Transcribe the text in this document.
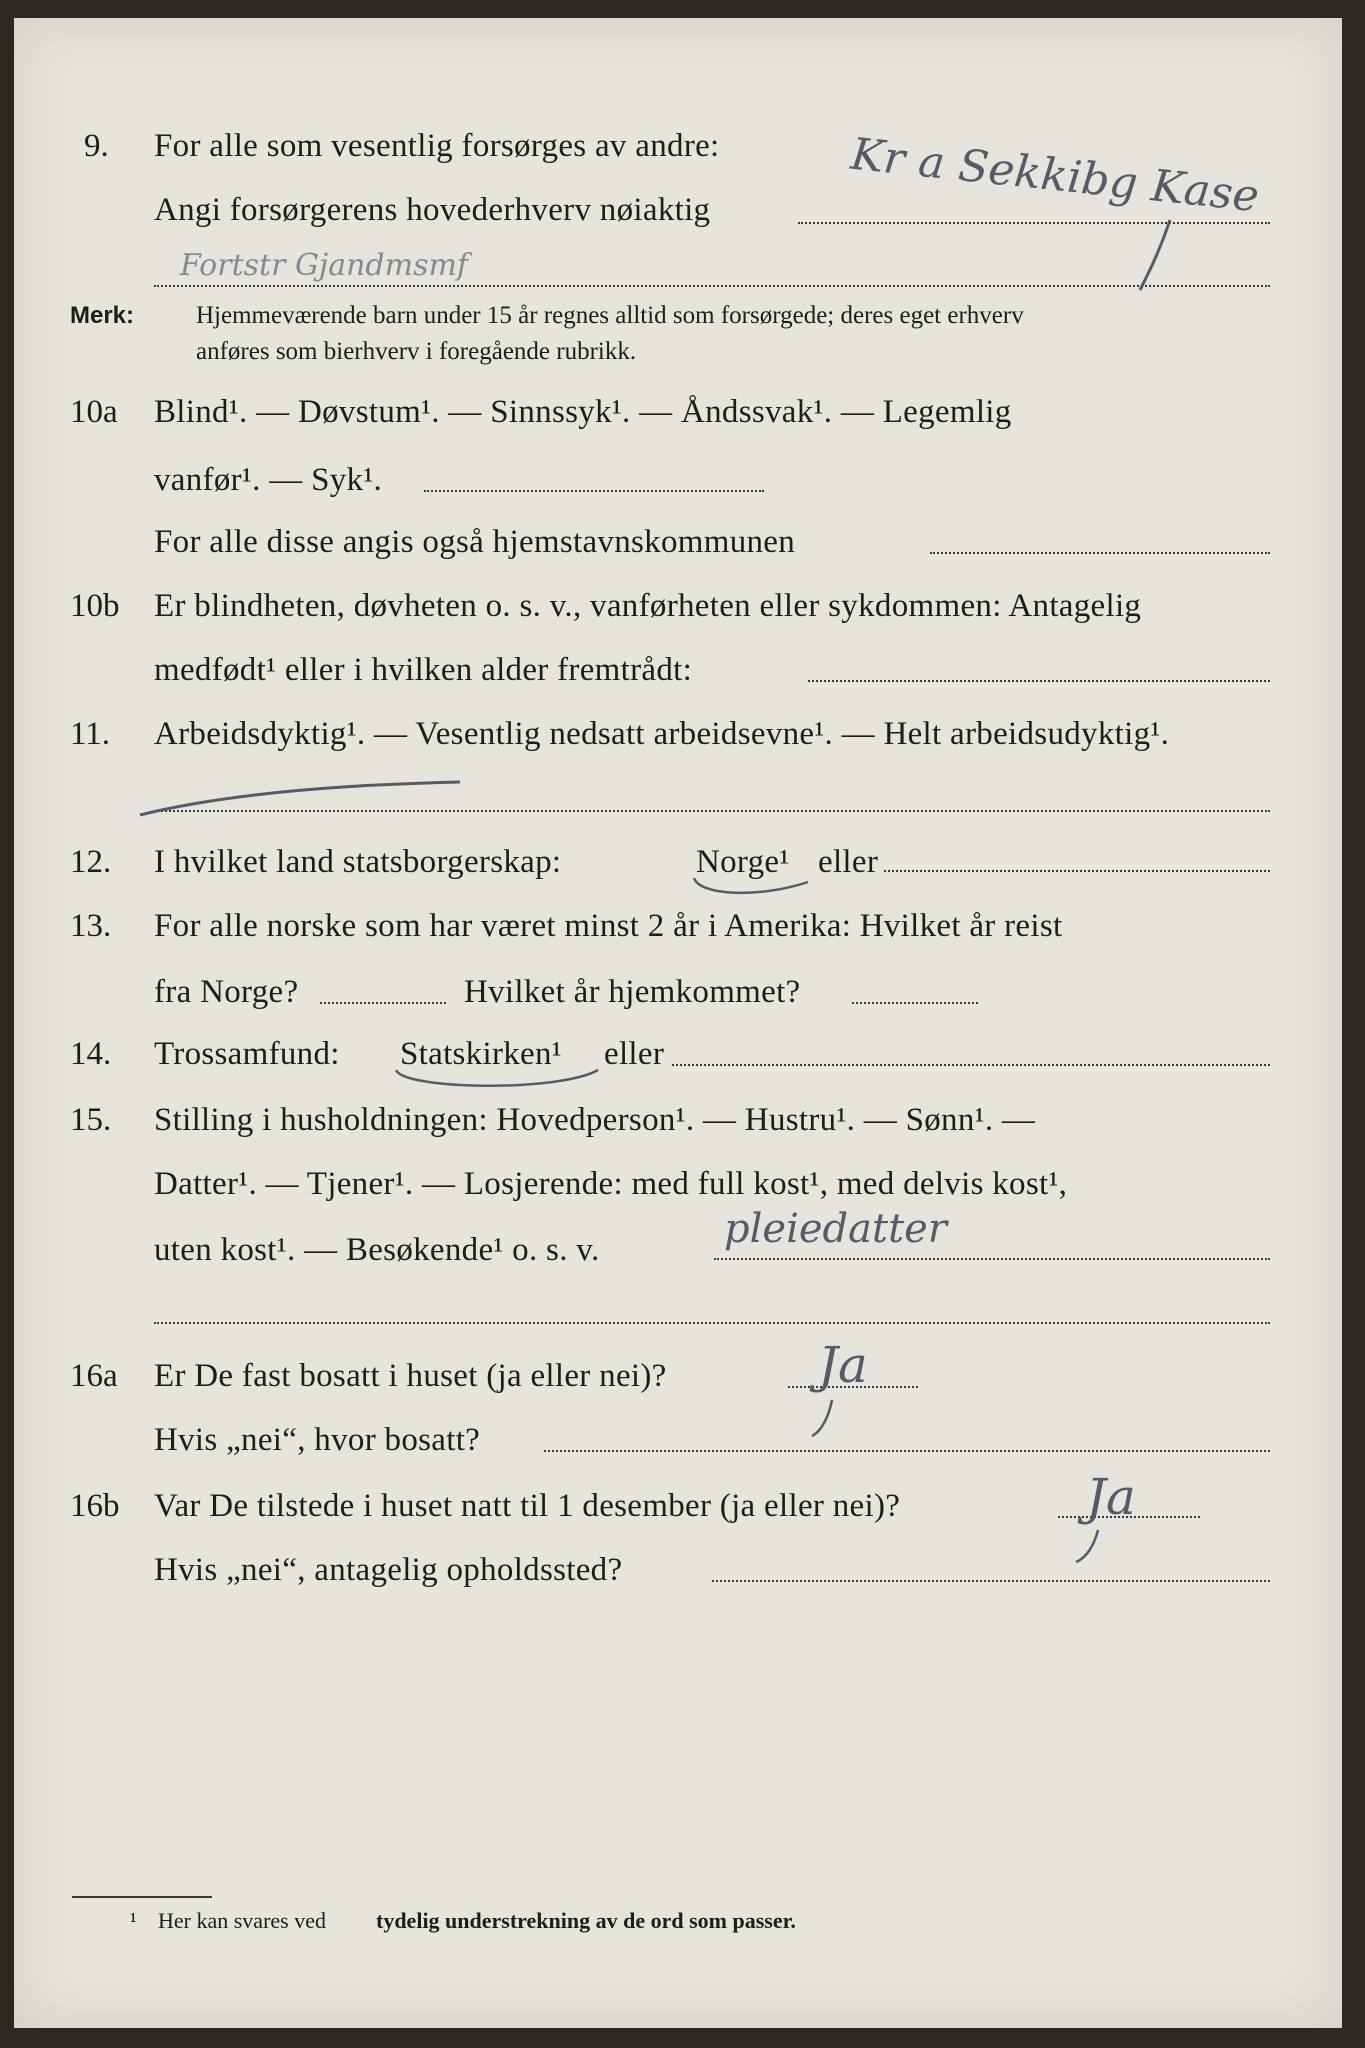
9. For alle som vesentlig forsørges av andre:
Angi forsørgerens hovederhverv nøiaktig	Kr a Sekkibg Kase
Fortstr Gjandmsmf
Merk: Hjemmeværende barn under 15 år regnes alltid som forsørgede; deres eget erhverv
anføres som bierhverv i foregående rubrikk.
10a Blind¹. — Døvstum¹. — Sinnssyk¹. — Åndssvak¹. — Legemlig
vanfør¹. — Syk¹.
For alle disse angis også hjemstavnskommunen
10b Er blindheten, døvheten o. s. v., vanførheten eller sykdommen: Antagelig
medfødt¹ eller i hvilken alder fremtrådt:
11. Arbeidsdyktig¹. — Vesentlig nedsatt arbeidsevne¹. — Helt arbeidsudyktig¹.
12. I hvilket land statsborgerskap:	Norge¹ eller
13. For alle norske som har været minst 2 år i Amerika: Hvilket år reist
fra Norge?	Hvilket år hjemkommet?
14. Trossamfund: Statskirken¹ eller
15. Stilling i husholdningen: Hovedperson¹. — Hustru¹. — Sønn¹. —
Datter¹. — Tjener¹. — Losjerende: med full kost¹, med delvis kost¹,
uten kost¹. — Besøkende¹ o. s. v.	pleiedatter
16a Er De fast bosatt i huset (ja eller nei)?	Ja
Hvis „nei“, hvor bosatt?
16b Var De tilstede i huset natt til 1 desember (ja eller nei)?	Ja
Hvis „nei“, antagelig opholdssted?
¹ Her kan svares ved tydelig understrekning av de ord som passer.
